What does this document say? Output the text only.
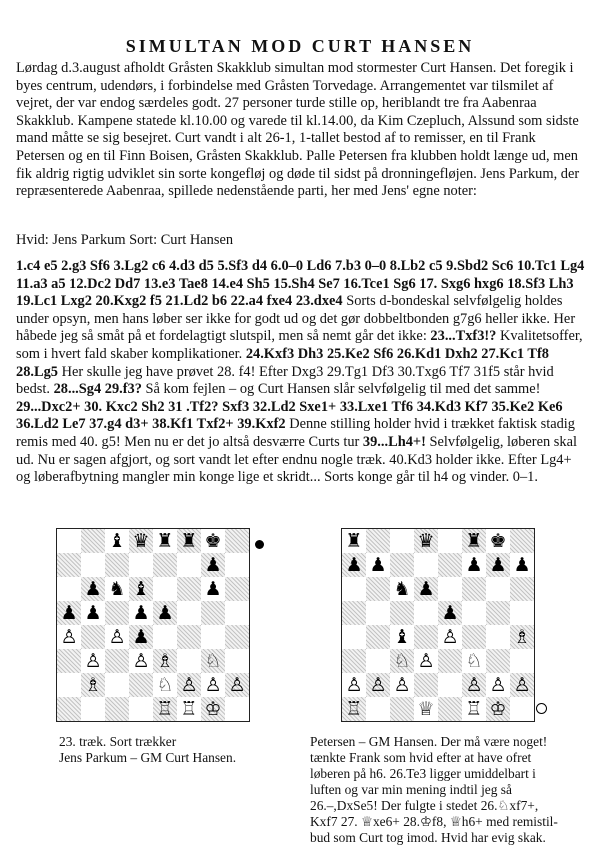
SIMULTAN MOD CURT HANSEN

Lørdag d.3.august afholdt Gråsten Skakklub simultan mod stormester Curt Hansen. Det foregik i byes centrum, udendørs, i forbindelse med Gråsten Torvedage. Arrangementet var tilsmilet af vejret, der var endog særdeles godt. 27 personer turde stille op, heriblandt tre fra Aabenraa Skakklub. Kampene statede kl.10.00 og varede til kl.14.00, da Kim Czepluch, Alssund som sidste mand måtte se sig besejret. Curt vandt i alt 26-1, 1-tallet bestod af to remisser, en til Frank Petersen og en til Finn Boisen, Gråsten Skakklub. Palle Petersen fra klubben holdt længe ud, men fik aldrig rigtig udviklet sin sorte kongefløj og døde til sidst på dronningefløjen. Jens Parkum, der repræsenterede Aabenraa, spillede nedenstående parti, her med Jens' egne noter:

Hvid: Jens Parkum Sort: Curt Hansen

1.c4 e5 2.g3 Sf6 3.Lg2 c6 4.d3 d5 5.Sf3 d4 6.0–0 Ld6 7.b3 0–0 8.Lb2 c5 9.Sbd2 Sc6 10.Tc1 Lg4 11.a3 a5 12.Dc2 Dd7 13.e3 Tae8 14.e4 Sh5 15.Sh4 Se7 16.Tce1 Sg6 17. Sxg6 hxg6 18.Sf3 Lh3 19.Lc1 Lxg2 20.Kxg2 f5 21.Ld2 b6 22.a4 fxe4 23.dxe4 Sorts d-bondeskal selvfølgelig holdes under opsyn, men hans løber ser ikke for godt ud og det gør dobbeltbonden g7g6 heller ikke. Her håbede jeg så småt på et fordelagtigt slutspil, men så nemt går det ikke: 23...Txf3!? Kvalitetsoffer, som i hvert fald skaber komplikationer. 24.Kxf3 Dh3 25.Ke2 Sf6 26.Kd1 Dxh2 27.Kc1 Tf8 28.Lg5 Her skulle jeg have prøvet 28. f4! Efter Dxg3 29.Tg1 Df3 30.Txg6 Tf7 31f5 står hvid bedst. 28...Sg4 29.f3? Så kom fejlen – og Curt Hansen slår selvfølgelig til med det samme! 29...Dxc2+ 30. Kxc2 Sh2 31 .Tf2? Sxf3 32.Ld2 Sxe1+ 33.Lxe1 Tf6 34.Kd3 Kf7 35.Ke2 Ke6 36.Ld2 Le7 37.g4 d3+ 38.Kf1 Txf2+ 39.Kxf2 Denne stilling holder hvid i trækket faktisk stadig remis med 40. g5! Men nu er det jo altså desværre Curts tur 39...Lh4+! Selvfølgelig, løberen skal ud. Nu er sagen afgjort, og sort vandt let efter endnu nogle træk. 40.Kd3 holder ikke. Efter Lg4+ og løberafbytning mangler min konge lige et skridt... Sorts konge går til h4 og vinder. 0–1.

♝ ♛ ♜ ♜ ♚
♟
♟ ♞ ♝	♟
♟ ♟ ♟ ♟
♙ ♙ ♟
♙ ♙ ♗ ♘
♗	♘ ♙ ♙ ♙
♖ ♖ ♔
23. træk. Sort trækker
Jens Parkum – GM Curt Hansen.
♜	♛ ♜ ♚
♟ ♟	♟ ♟ ♟
♞ ♟
♟
♝ ♙	♗
♘ ♙ ♘
♙ ♙ ♙	♙ ♙ ♙
♖	♕ ♖ ♔
Petersen – GM Hansen. Der må være noget!
tænkte Frank som hvid efter at have ofret
løberen på h6. 26.Te3 ligger umiddelbart i
luften og var min mening indtil jeg så
26.–,DxSe5! Der fulgte i stedet 26.♘xf7+,
Kxf7 27. ♕xe6+ 28.♔f8, ♕h6+ med remistil-
bud som Curt tog imod. Hvid har evig skak.
